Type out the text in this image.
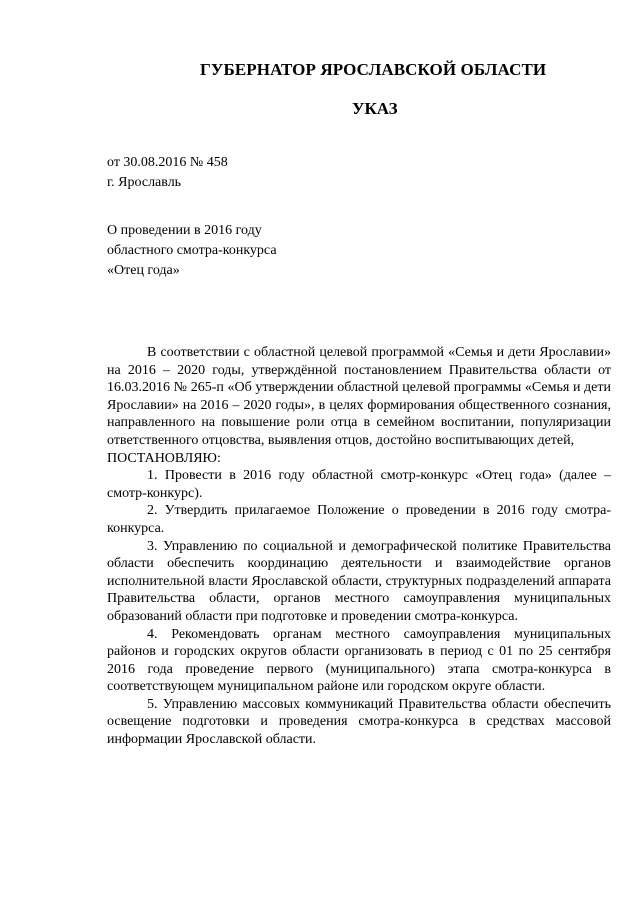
ГУБЕРНАТОР ЯРОСЛАВСКОЙ ОБЛАСТИ
УКАЗ
от 30.08.2016 № 458
г. Ярославль
О проведении в 2016 году
областного смотра-конкурса
«Отец года»

В соответствии с областной целевой программой «Семья и дети Ярославии» на 2016 – 2020 годы, утверждённой постановлением Правительства области от 16.03.2016 № 265-п «Об утверждении областной целевой программы «Семья и дети Ярославии» на 2016 – 2020 годы», в целях формирования общественного сознания, направленного на повышение роли отца в семейном воспитании, популяризации ответственного отцовства, выявления отцов, достойно воспитывающих детей,

ПОСТАНОВЛЯЮ:

1. Провести в 2016 году областной смотр-конкурс «Отец года» (далее – смотр-конкурс).

2. Утвердить прилагаемое Положение о проведении в 2016 году смотра-конкурса.

3. Управлению по социальной и демографической политике Правительства области обеспечить координацию деятельности и взаимодействие органов исполнительной власти Ярославской области, структурных подразделений аппарата Правительства области, органов местного самоуправления муниципальных образований области при подготовке и проведении смотра-конкурса.

4. Рекомендовать органам местного самоуправления муниципальных районов и городских округов области организовать в период с 01 по 25 сентября 2016 года проведение первого (муниципального) этапа смотра-конкурса в соответствующем муниципальном районе или городском округе области.

5. Управлению массовых коммуникаций Правительства области обеспечить освещение подготовки и проведения смотра-конкурса в средствах массовой информации Ярославской области.
